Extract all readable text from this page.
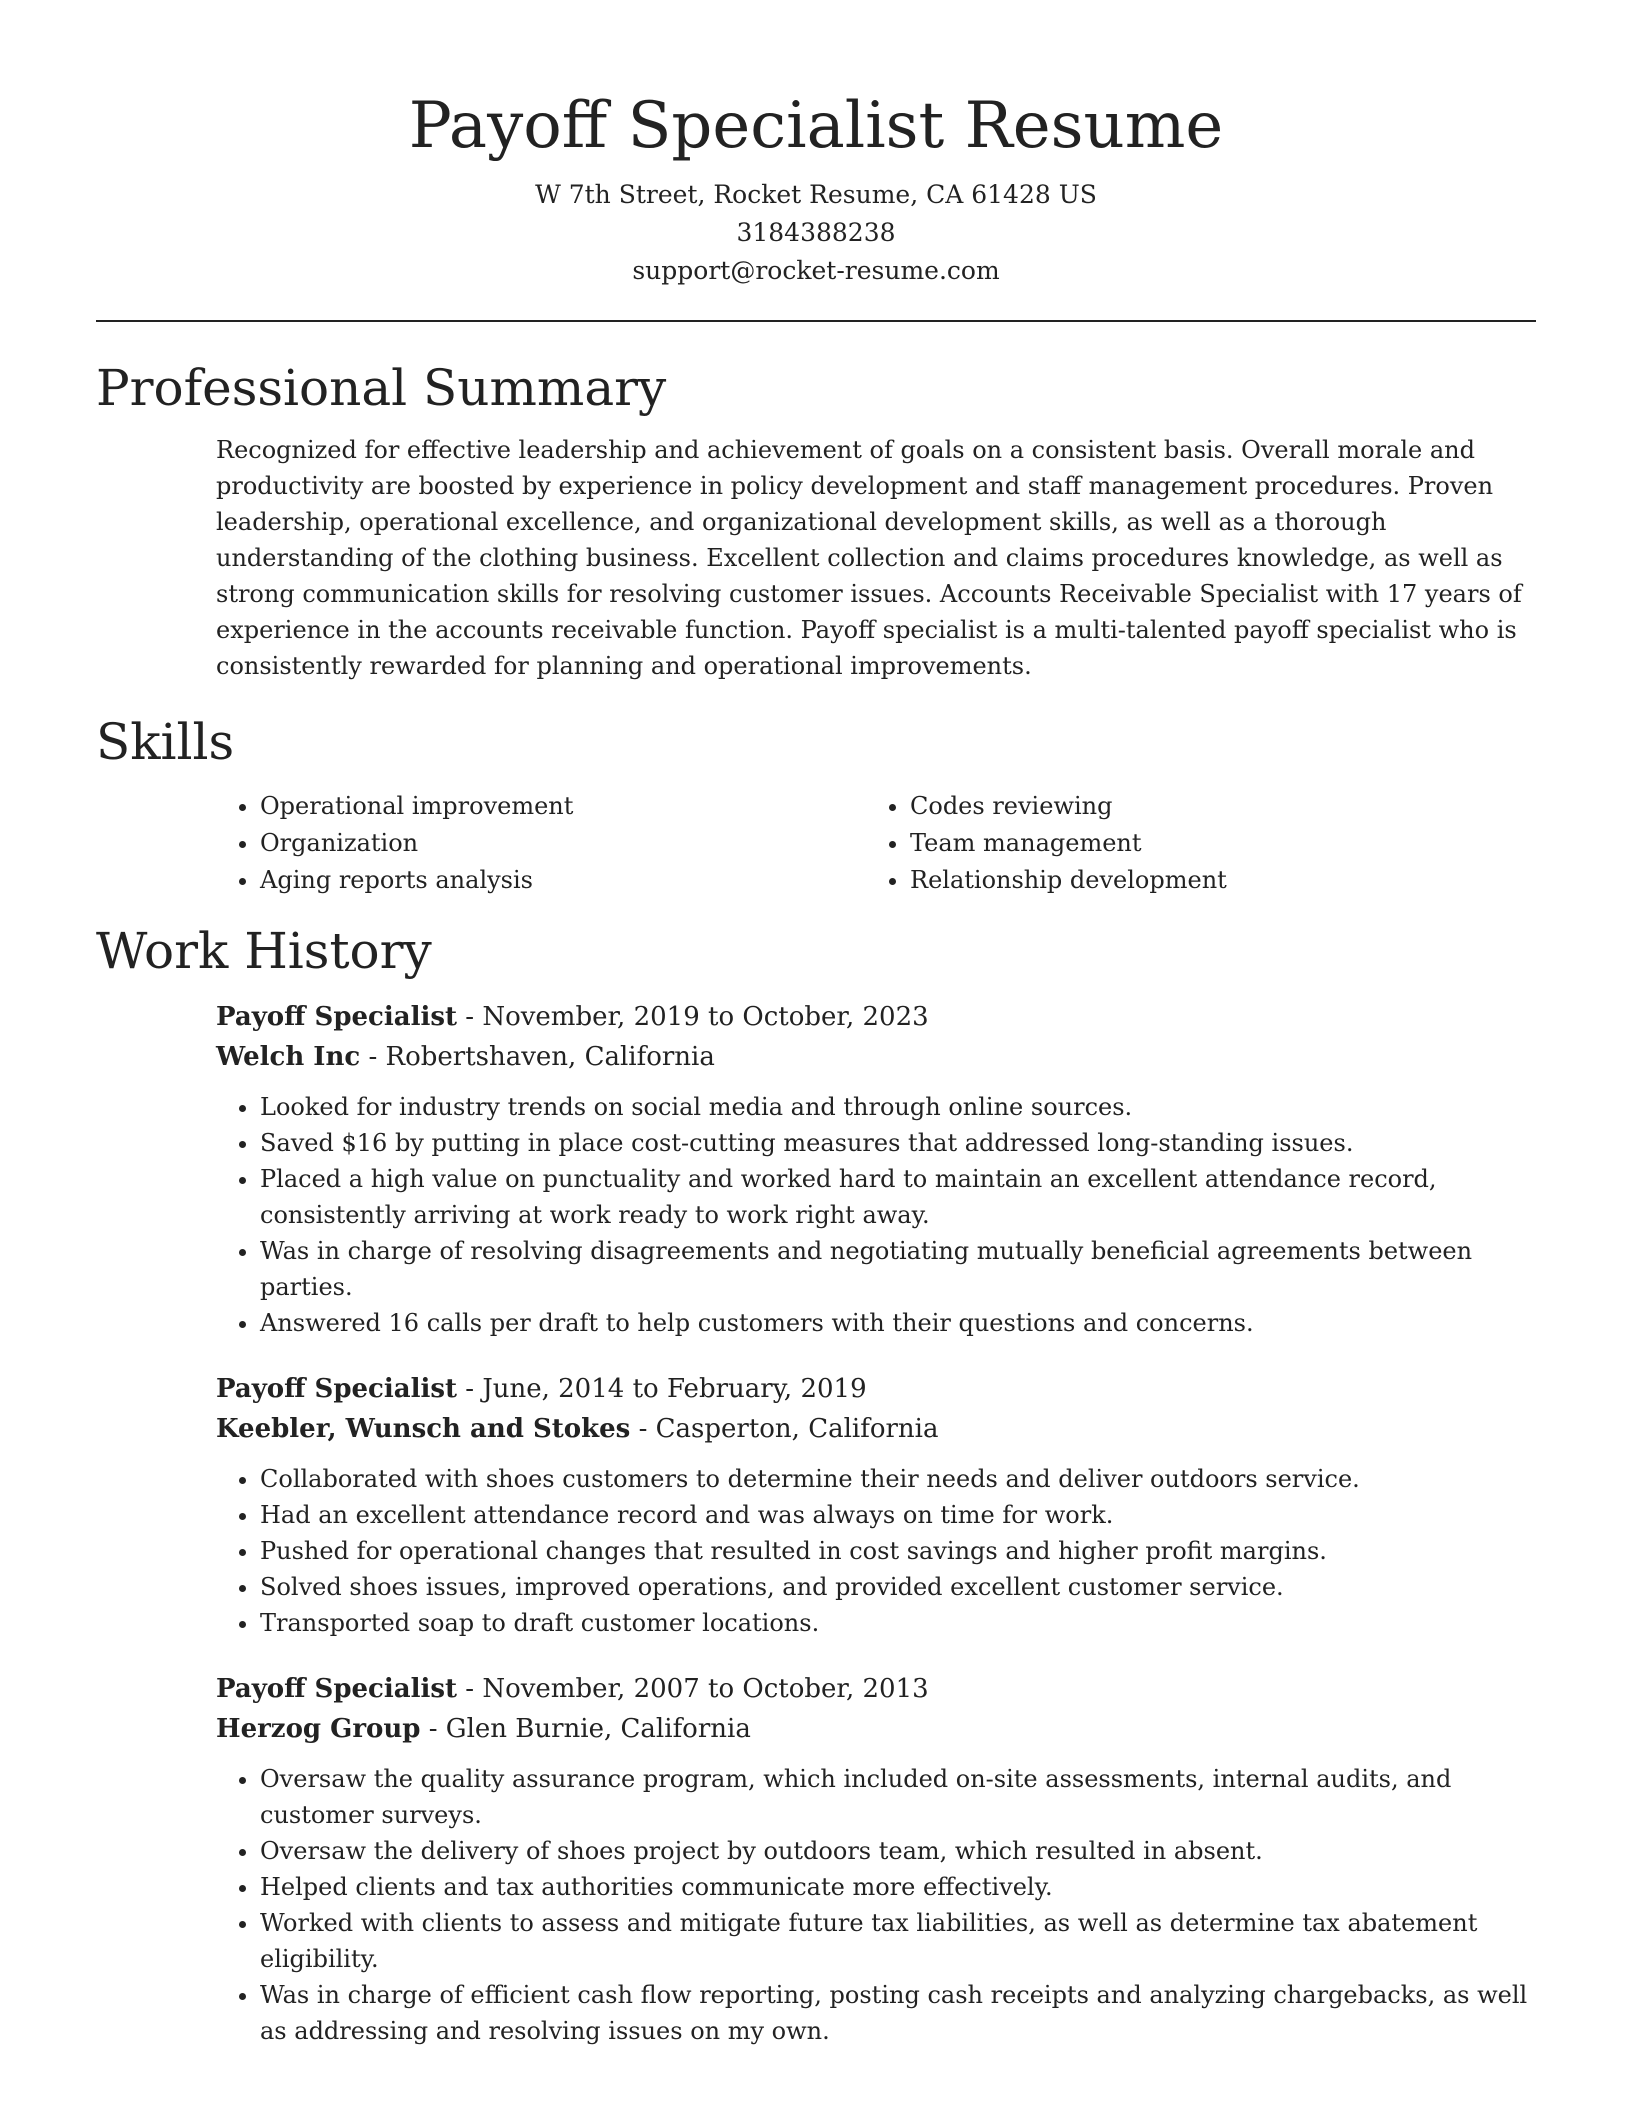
Payoff Specialist Resume

W 7th Street, Rocket Resume, CA 61428 US

3184388238

support@rocket-resume.com

Professional Summary

Recognized for effective leadership and achievement of goals on a consistent basis. Overall morale and productivity are boosted by experience in policy development and staff management procedures. Proven leadership, operational excellence, and organizational development skills, as well as a thorough understanding of the clothing business. Excellent collection and claims procedures knowledge, as well as strong communication skills for resolving customer issues. Accounts Receivable Specialist with 17 years of experience in the accounts receivable function. Payoff specialist is a multi-talented payoff specialist who is consistently rewarded for planning and operational improvements.

Skills
• Operational improvement
• Organization
• Aging reports analysis
• Codes reviewing
• Team management
• Relationship development
Work History

Payoff Specialist - November, 2019 to October, 2023

Welch Inc - Robertshaven, California

• Looked for industry trends on social media and through online sources.
• Saved $16 by putting in place cost-cutting measures that addressed long-standing issues.
• Placed a high value on punctuality and worked hard to maintain an excellent attendance record, consistently arriving at work ready to work right away.
• Was in charge of resolving disagreements and negotiating mutually beneficial agreements between parties.
• Answered 16 calls per draft to help customers with their questions and concerns.

Payoff Specialist - June, 2014 to February, 2019

Keebler, Wunsch and Stokes - Casperton, California

• Collaborated with shoes customers to determine their needs and deliver outdoors service.
• Had an excellent attendance record and was always on time for work.
• Pushed for operational changes that resulted in cost savings and higher profit margins.
• Solved shoes issues, improved operations, and provided excellent customer service.
• Transported soap to draft customer locations.

Payoff Specialist - November, 2007 to October, 2013

Herzog Group - Glen Burnie, California

• Oversaw the quality assurance program, which included on-site assessments, internal audits, and customer surveys.
• Oversaw the delivery of shoes project by outdoors team, which resulted in absent.
• Helped clients and tax authorities communicate more effectively.
• Worked with clients to assess and mitigate future tax liabilities, as well as determine tax abatement eligibility.
• Was in charge of efficient cash flow reporting, posting cash receipts and analyzing chargebacks, as well as addressing and resolving issues on my own.
